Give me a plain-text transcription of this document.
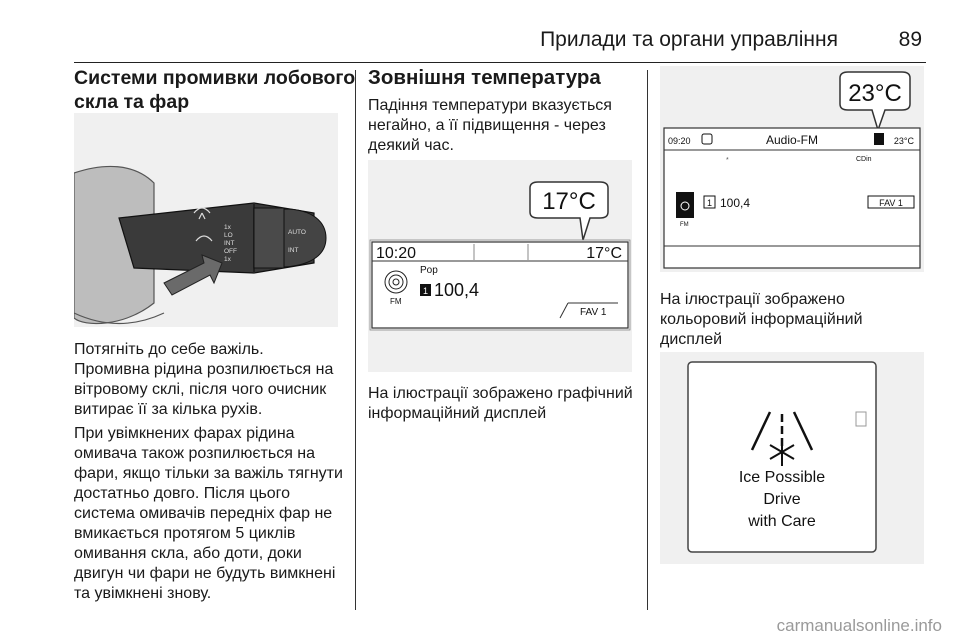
Прилади та органи управління	89
Системи промивки лобового
скла та фар
1x
LO
INT
OFF
1x
AUTO
INT
Потягніть до себе важіль.
Промивна рідина розпилюється на
вітровому склі, після чого очисник
витирає її за кілька рухів.
При увімкнених фарах рідина
омивача також розпилюється на
фари, якщо тільки за важіль тягнути
достатньо довго. Після цього
система омивачів передніх фар не
вмикається протягом 5 циклів
омивання скла, або доти, доки
двигун чи фари не будуть вимкнені
та увімкнені знову.
Зовнішня температура
Падіння температури вказується
негайно, а її підвищення - через
деякий час.
17°C
10:20	17°C
FM
Pop
1 100,4
FAV 1
На ілюстрації зображено графічний
інформаційний дисплей
23°C
09:20	Audio-FM	23°C
*	CDin
FM
1 100,4	FAV 1
На ілюстрації зображено
кольоровий інформаційний
дисплей
Ice Possible
Drive
with Care
carmanualsonline.info
